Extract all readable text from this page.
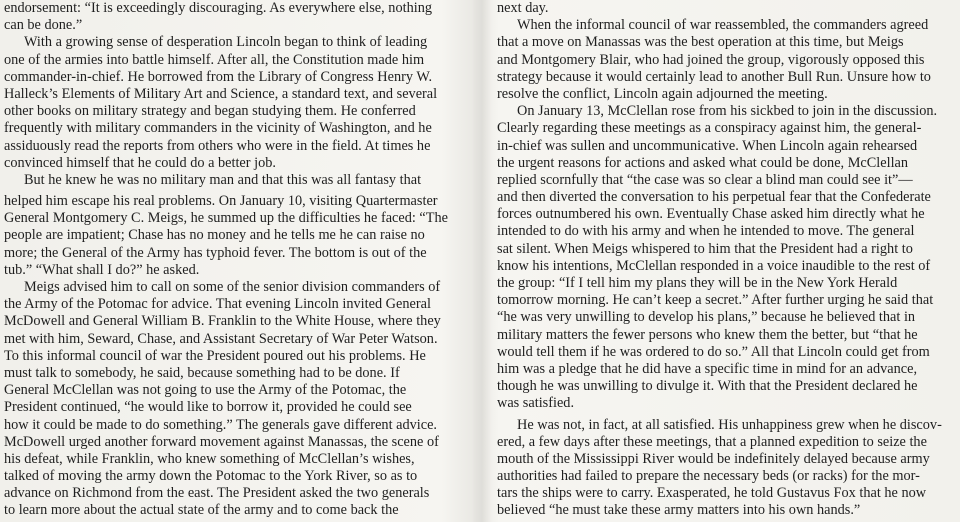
endorsement: “It is exceedingly discouraging. As everywhere else, nothing
can be done.”
With a growing sense of desperation Lincoln began to think of leading
one of the armies into battle himself. After all, the Constitution made him
commander-in-chief. He borrowed from the Library of Congress Henry W.
Halleck’s Elements of Military Art and Science, a standard text, and several
other books on military strategy and began studying them. He conferred
frequently with military commanders in the vicinity of Washington, and he
assiduously read the reports from others who were in the field. At times he
convinced himself that he could do a better job.
But he knew he was no military man and that this was all fantasy that
helped him escape his real problems. On January 10, visiting Quartermaster
General Montgomery C. Meigs, he summed up the difficulties he faced: “The
people are impatient; Chase has no money and he tells me he can raise no
more; the General of the Army has typhoid fever. The bottom is out of the
tub.” “What shall I do?” he asked.
Meigs advised him to call on some of the senior division commanders of
the Army of the Potomac for advice. That evening Lincoln invited General
McDowell and General William B. Franklin to the White House, where they
met with him, Seward, Chase, and Assistant Secretary of War Peter Watson.
To this informal council of war the President poured out his problems. He
must talk to somebody, he said, because something had to be done. If
General McClellan was not going to use the Army of the Potomac, the
President continued, “he would like to borrow it, provided he could see
how it could be made to do something.” The generals gave different advice.
McDowell urged another forward movement against Manassas, the scene of
his defeat, while Franklin, who knew something of McClellan’s wishes,
talked of moving the army down the Potomac to the York River, so as to
advance on Richmond from the east. The President asked the two generals
to learn more about the actual state of the army and to come back the
next day.
When the informal council of war reassembled, the commanders agreed
that a move on Manassas was the best operation at this time, but Meigs
and Montgomery Blair, who had joined the group, vigorously opposed this
strategy because it would certainly lead to another Bull Run. Unsure how to
resolve the conflict, Lincoln again adjourned the meeting.
On January 13, McClellan rose from his sickbed to join in the discussion.
Clearly regarding these meetings as a conspiracy against him, the general-
in-chief was sullen and uncommunicative. When Lincoln again rehearsed
the urgent reasons for actions and asked what could be done, McClellan
replied scornfully that “the case was so clear a blind man could see it”—
and then diverted the conversation to his perpetual fear that the Confederate
forces outnumbered his own. Eventually Chase asked him directly what he
intended to do with his army and when he intended to move. The general
sat silent. When Meigs whispered to him that the President had a right to
know his intentions, McClellan responded in a voice inaudible to the rest of
the group: “If I tell him my plans they will be in the New York Herald
tomorrow morning. He can’t keep a secret.” After further urging he said that
“he was very unwilling to develop his plans,” because he believed that in
military matters the fewer persons who knew them the better, but “that he
would tell them if he was ordered to do so.” All that Lincoln could get from
him was a pledge that he did have a specific time in mind for an advance,
though he was unwilling to divulge it. With that the President declared he
was satisfied.
He was not, in fact, at all satisfied. His unhappiness grew when he discov-
ered, a few days after these meetings, that a planned expedition to seize the
mouth of the Mississippi River would be indefinitely delayed because army
authorities had failed to prepare the necessary beds (or racks) for the mor-
tars the ships were to carry. Exasperated, he told Gustavus Fox that he now
believed “he must take these army matters into his own hands.”
